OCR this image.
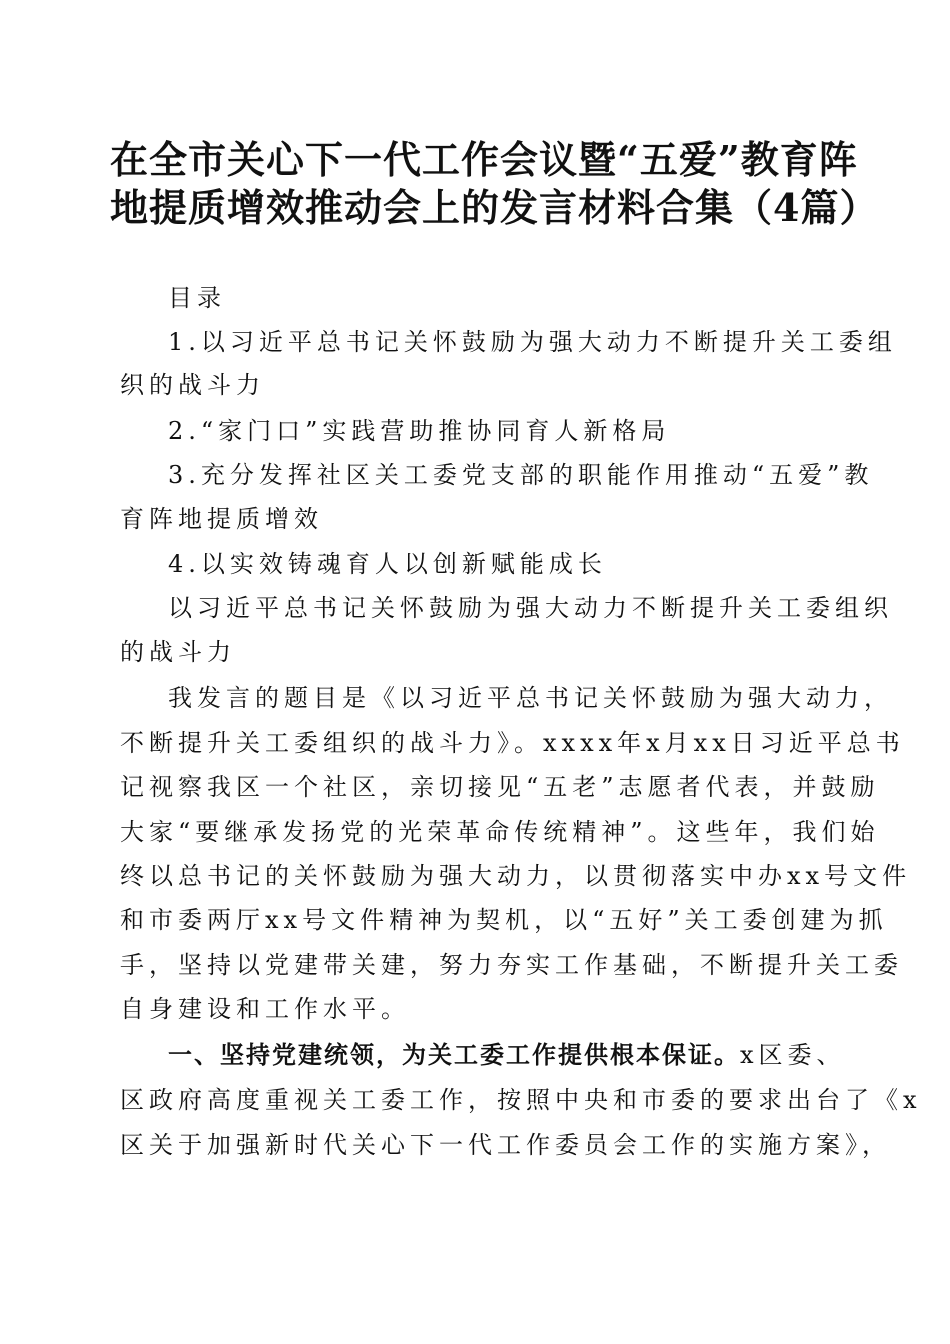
在全市关心下一代工作会议暨“五爱”教育阵
地提质增效推动会上的发言材料合集（4篇）
目录
1.以习近平总书记关怀鼓励为强大动力不断提升关工委组
织的战斗力
2.“家门口”实践营助推协同育人新格局
3.充分发挥社区关工委党支部的职能作用推动“五爱”教
育阵地提质增效
4.以实效铸魂育人以创新赋能成长
以习近平总书记关怀鼓励为强大动力不断提升关工委组织
的战斗力
我发言的题目是《以习近平总书记关怀鼓励为强大动力，
不断提升关工委组织的战斗力》。xxxx年x月xx日习近平总书
记视察我区一个社区，亲切接见“五老”志愿者代表，并鼓励
大家“要继承发扬党的光荣革命传统精神”。这些年，我们始
终以总书记的关怀鼓励为强大动力，以贯彻落实中办xx号文件
和市委两厅xx号文件精神为契机，以“五好”关工委创建为抓
手，坚持以党建带关建，努力夯实工作基础，不断提升关工委
自身建设和工作水平。
一、坚持党建统领，为关工委工作提供根本保证。x区委、
区政府高度重视关工委工作，按照中央和市委的要求出台了《x
区关于加强新时代关心下一代工作委员会工作的实施方案》，
